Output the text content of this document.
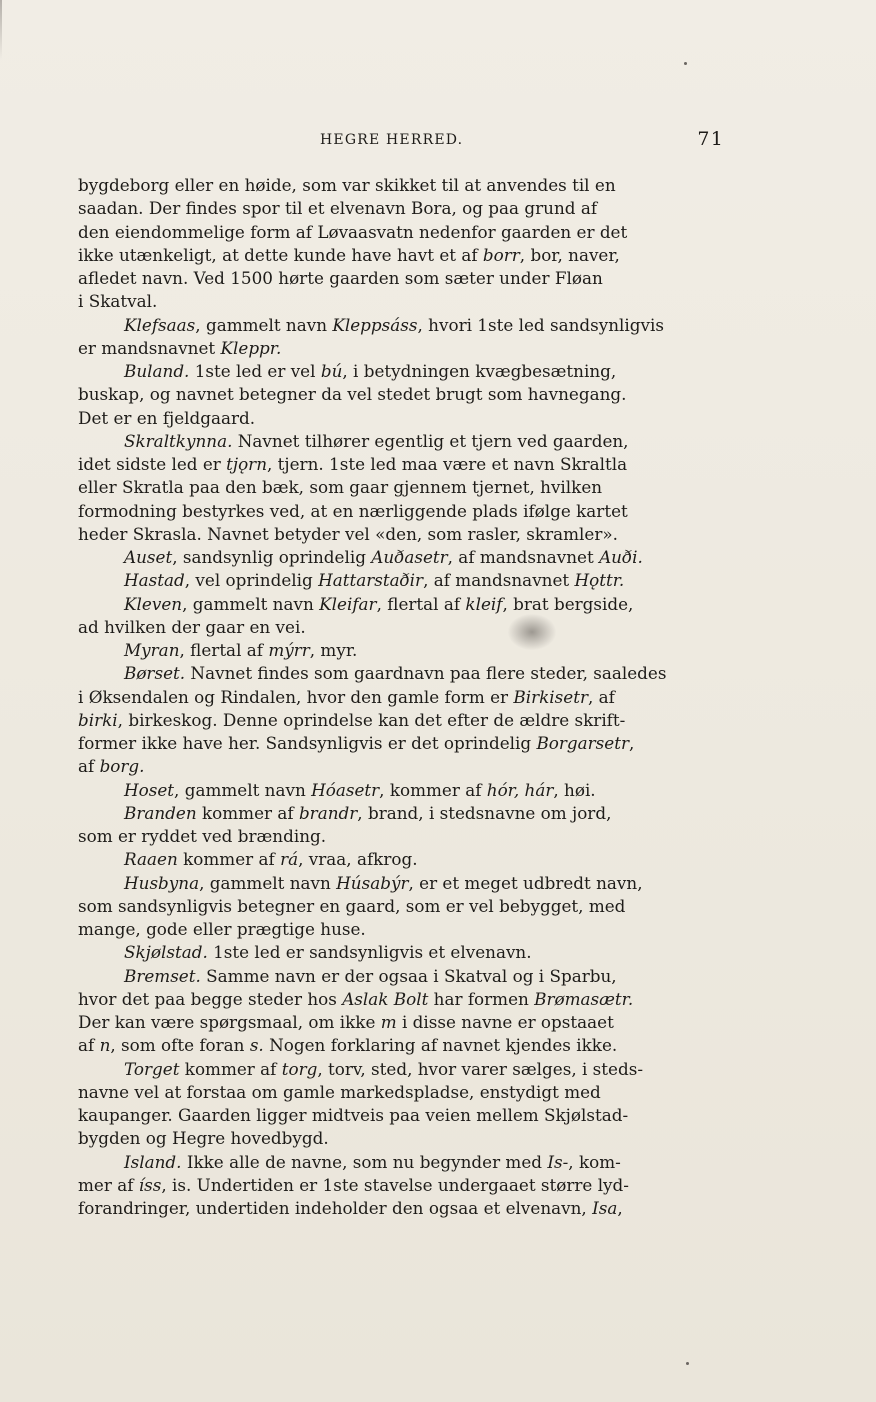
HEGRE HERRED.	71
bygdeborg eller en høide, som var skikket til at anvendes til en
saadan. Der findes spor til et elvenavn Bora, og paa grund af
den eiendommelige form af Løvaasvatn nedenfor gaarden er det
ikke utænkeligt, at dette kunde have havt et af borr, bor, naver,
afledet navn. Ved 1500 hørte gaarden som sæter under Fløan
i Skatval.
Klefsaas, gammelt navn Kleppsáss, hvori 1ste led sandsynligvis
er mandsnavnet Kleppr.
Buland. 1ste led er vel bú, i betydningen kvægbesætning,
buskap, og navnet betegner da vel stedet brugt som havnegang.
Det er en fjeldgaard.
Skraltkynna. Navnet tilhører egentlig et tjern ved gaarden,
idet sidste led er tjǫrn, tjern. 1ste led maa være et navn Skraltla
eller Skratla paa den bæk, som gaar gjennem tjernet, hvilken
formodning bestyrkes ved, at en nærliggende plads ifølge kartet
heder Skrasla. Navnet betyder vel «den, som rasler, skramler».
Auset, sandsynlig oprindelig Auðasetr, af mandsnavnet Auði.
Hastad, vel oprindelig Hattarstaðir, af mandsnavnet Hǫttr.
Kleven, gammelt navn Kleifar, flertal af kleif, brat bergside,
ad hvilken der gaar en vei.
Myran, flertal af mýrr, myr.
Børset. Navnet findes som gaardnavn paa flere steder, saaledes
i Øksendalen og Rindalen, hvor den gamle form er Birkisetr, af
birki, birkeskog. Denne oprindelse kan det efter de ældre skrift-
former ikke have her. Sandsynligvis er det oprindelig Borgarsetr,
af borg.
Hoset, gammelt navn Hóasetr, kommer af hór, hár, høi.
Branden kommer af brandr, brand, i stedsnavne om jord,
som er ryddet ved brænding.
Raaen kommer af rá, vraa, afkrog.
Husbyna, gammelt navn Húsabýr, er et meget udbredt navn,
som sandsynligvis betegner en gaard, som er vel bebygget, med
mange, gode eller prægtige huse.
Skjølstad. 1ste led er sandsynligvis et elvenavn.
Bremset. Samme navn er der ogsaa i Skatval og i Sparbu,
hvor det paa begge steder hos Aslak Bolt har formen Brømasætr.
Der kan være spørgsmaal, om ikke m i disse navne er opstaaet
af n, som ofte foran s. Nogen forklaring af navnet kjendes ikke.
Torget kommer af torg, torv, sted, hvor varer sælges, i steds-
navne vel at forstaa om gamle markedspladse, enstydigt med
kaupanger. Gaarden ligger midtveis paa veien mellem Skjølstad-
bygden og Hegre hovedbygd.
Island. Ikke alle de navne, som nu begynder med Is-, kom-
mer af íss, is. Undertiden er 1ste stavelse undergaaet større lyd-
forandringer, undertiden indeholder den ogsaa et elvenavn, Isa,
